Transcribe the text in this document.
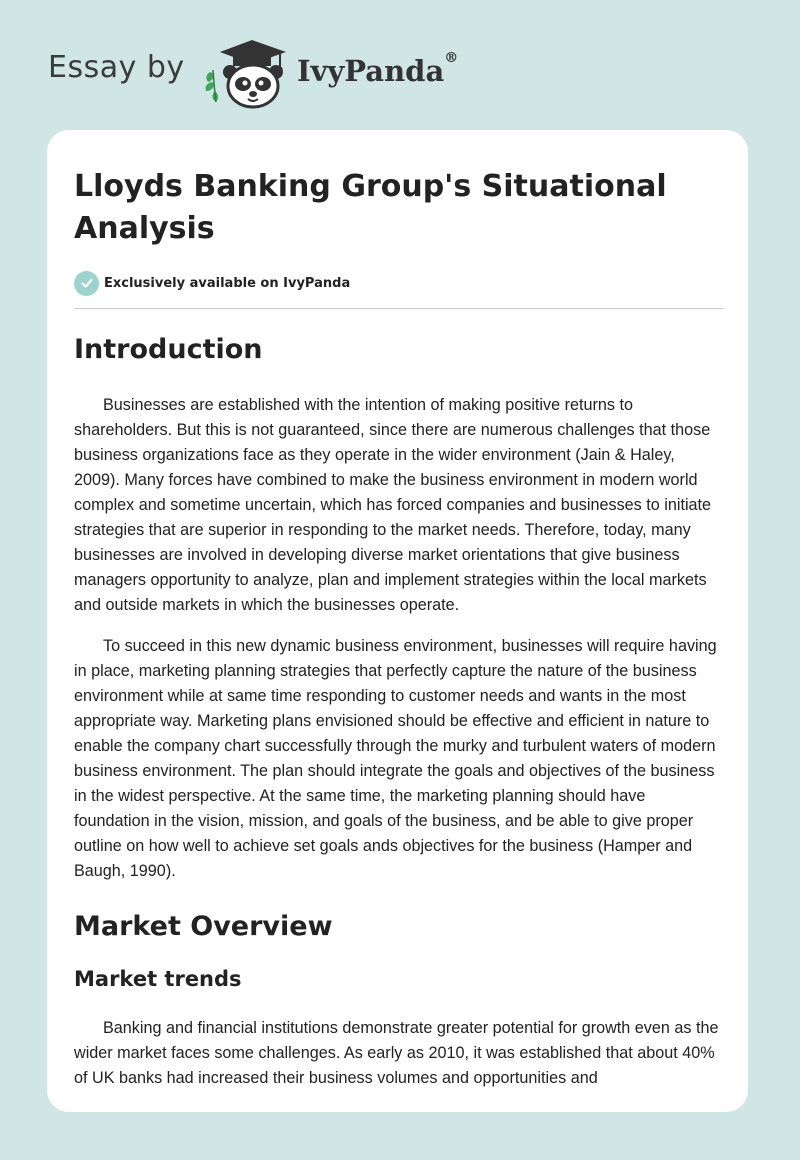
Essay by	IvyPanda®
Lloyds Banking Group's Situational Analysis
Exclusively available on IvyPanda
Introduction

Businesses are established with the intention of making positive returns to shareholders. But this is not guaranteed, since there are numerous challenges that those business organizations face as they operate in the wider environment (Jain & Haley, 2009). Many forces have combined to make the business environment in modern world complex and sometime uncertain, which has forced companies and businesses to initiate strategies that are superior in responding to the market needs. Therefore, today, many businesses are involved in developing diverse market orientations that give business managers opportunity to analyze, plan and implement strategies within the local markets and outside markets in which the businesses operate.

To succeed in this new dynamic business environment, businesses will require having in place, marketing planning strategies that perfectly capture the nature of the business environment while at same time responding to customer needs and wants in the most appropriate way. Marketing plans envisioned should be effective and efficient in nature to enable the company chart successfully through the murky and turbulent waters of modern business environment. The plan should integrate the goals and objectives of the business in the widest perspective. At the same time, the marketing planning should have foundation in the vision, mission, and goals of the business, and be able to give proper outline on how well to achieve set goals ands objectives for the business (Hamper and Baugh, 1990).

Market Overview
Market trends

Banking and financial institutions demonstrate greater potential for growth even as the wider market faces some challenges. As early as 2010, it was established that about 40% of UK banks had increased their business volumes and opportunities and
